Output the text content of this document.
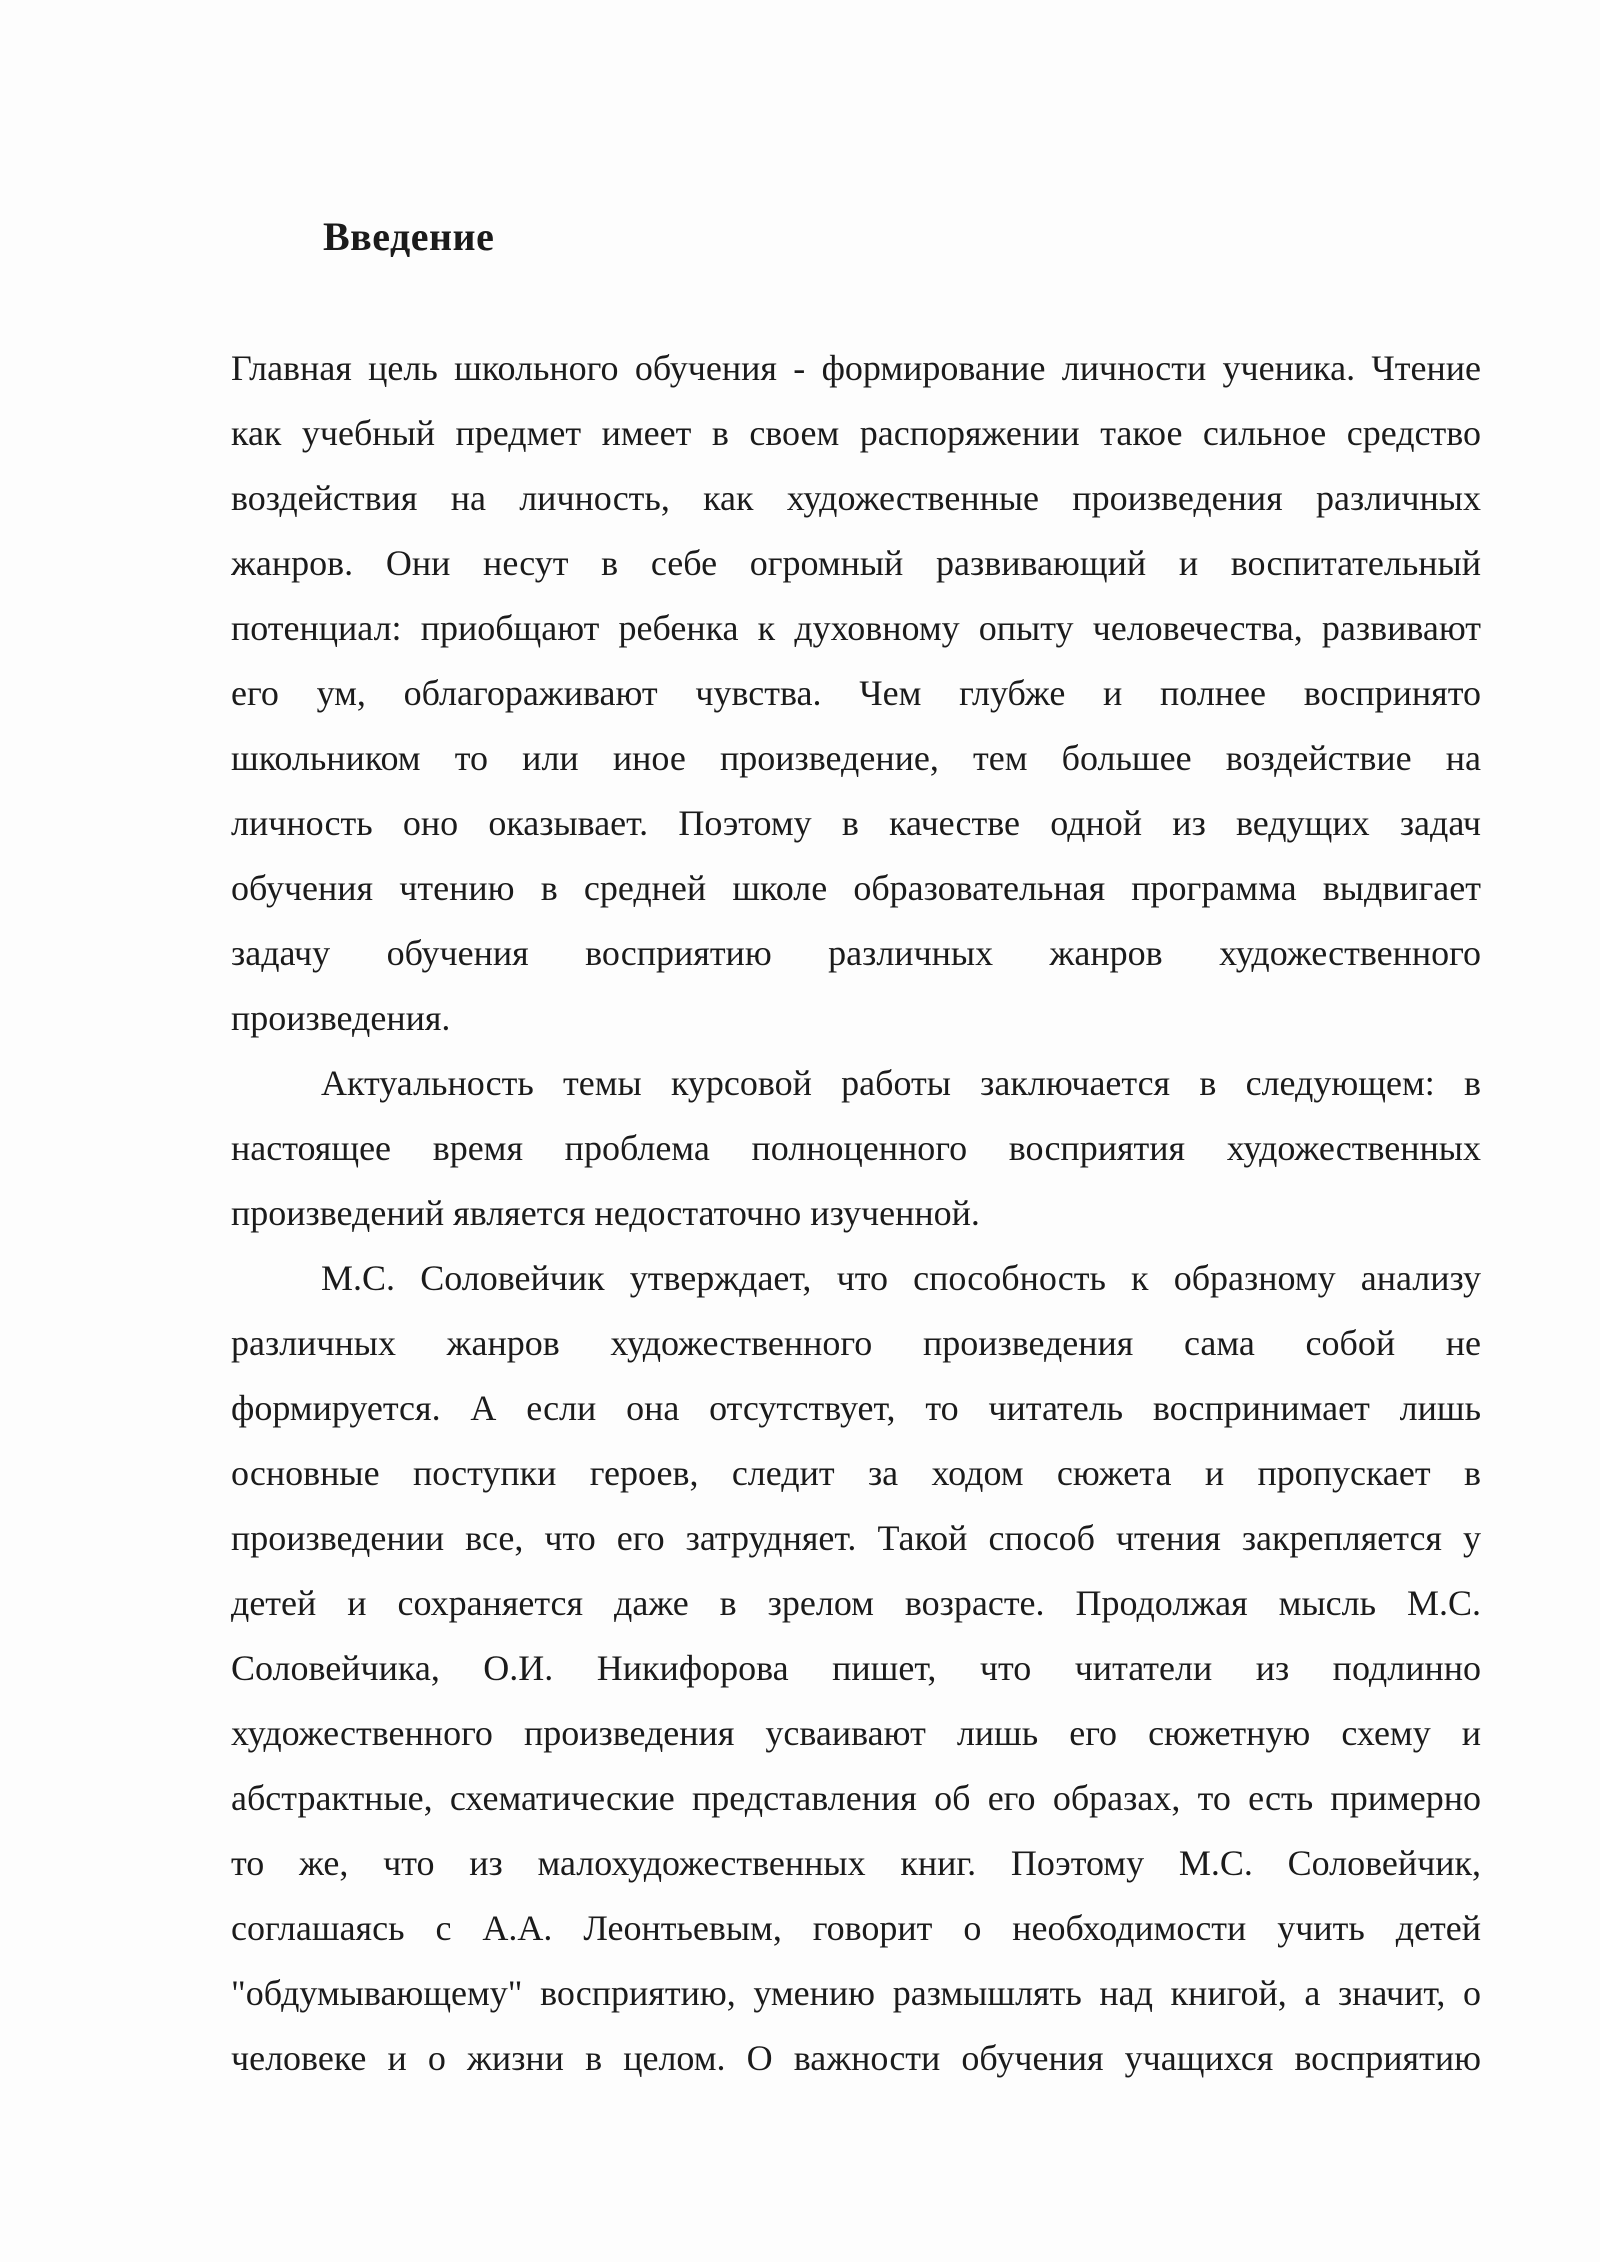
Введение
Главная цель школьного обучения - формирование личности ученика. Чтение
как учебный предмет имеет в своем распоряжении такое сильное средство
воздействия на личность, как художественные произведения различных
жанров. Они несут в себе огромный развивающий и воспитательный
потенциал: приобщают ребенка к духовному опыту человечества, развивают
его ум, облагораживают чувства. Чем глубже и полнее воспринято
школьником то или иное произведение, тем большее воздействие на
личность оно оказывает. Поэтому в качестве одной из ведущих задач
обучения чтению в средней школе образовательная программа выдвигает
задачу обучения восприятию различных жанров художественного
произведения.
Актуальность темы курсовой работы заключается в следующем: в
настоящее время проблема полноценного восприятия художественных
произведений является недостаточно изученной.
М.С. Соловейчик утверждает, что способность к образному анализу
различных жанров художественного произведения сама собой не
формируется. А если она отсутствует, то читатель воспринимает лишь
основные поступки героев, следит за ходом сюжета и пропускает в
произведении все, что его затрудняет. Такой способ чтения закрепляется у
детей и сохраняется даже в зрелом возрасте. Продолжая мысль М.С.
Соловейчика, О.И. Никифорова пишет, что читатели из подлинно
художественного произведения усваивают лишь его сюжетную схему и
абстрактные, схематические представления об его образах, то есть примерно
то же, что из малохудожественных книг. Поэтому М.С. Соловейчик,
соглашаясь с А.А. Леонтьевым, говорит о необходимости учить детей
"обдумывающему" восприятию, умению размышлять над книгой, а значит, о
человеке и о жизни в целом. О важности обучения учащихся восприятию
